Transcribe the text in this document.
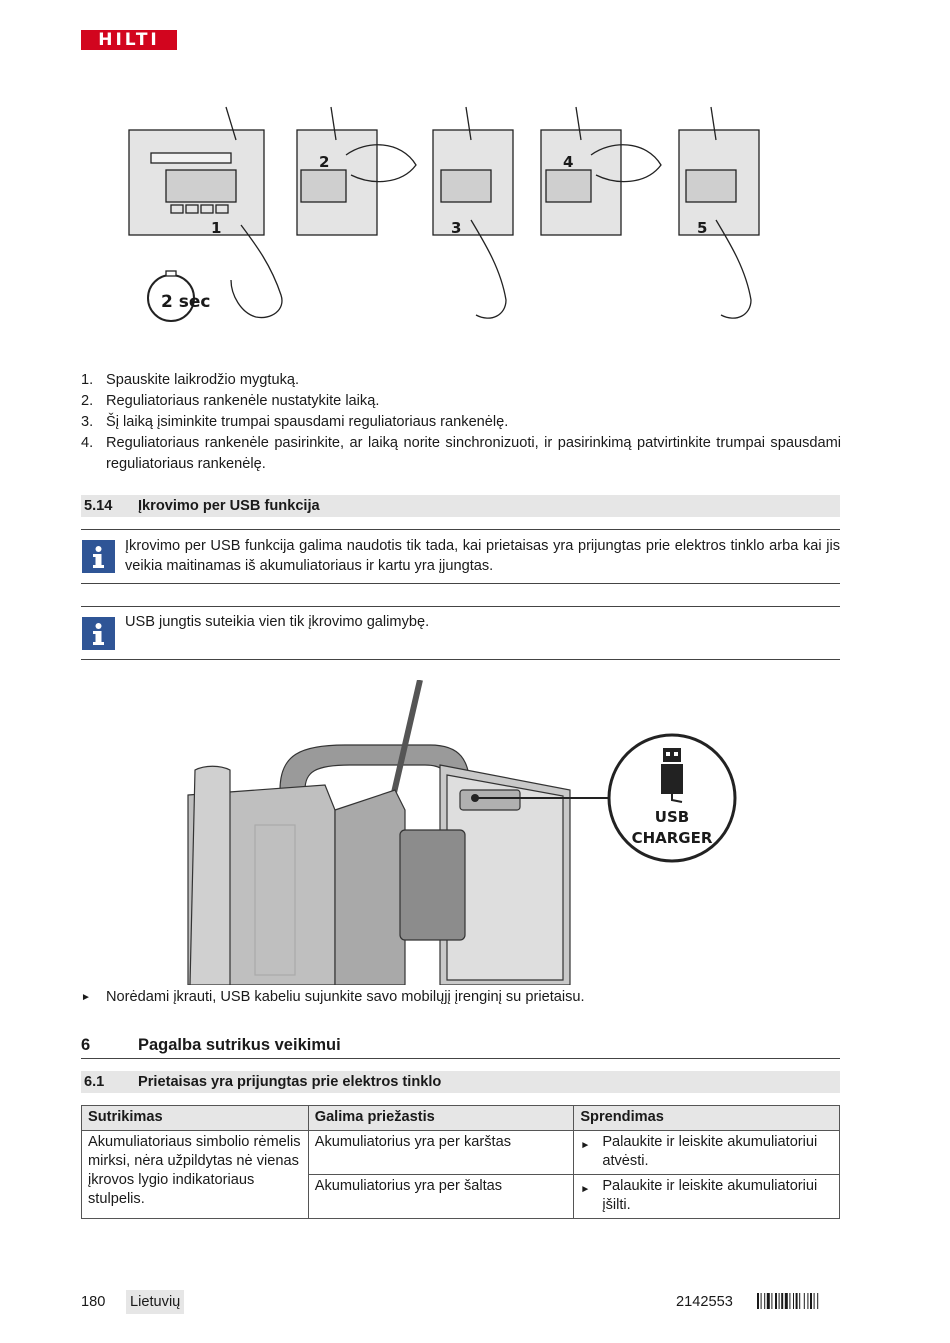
HILTI
1
2
3
4
5
2 sec
1. Spauskite laikrodžio mygtuką.
2. Reguliatoriaus rankenėle nustatykite laiką.
3. Šį laiką įsiminkite trumpai spausdami reguliatoriaus rankenėlę.
4. Reguliatoriaus rankenėle pasirinkite, ar laiką norite sinchronizuoti, ir pasirinkimą patvirtinkite trumpai spausdami reguliatoriaus rankenėlę.
5.14 Įkrovimo per USB funkcija
Įkrovimo per USB funkcija galima naudotis tik tada, kai prietaisas yra prijungtas prie elektros tinklo arba kai jis veikia maitinamas iš akumuliatoriaus ir kartu yra įjungtas.
USB jungtis suteikia vien tik įkrovimo galimybę.
USB
CHARGER
► Norėdami įkrauti, USB kabeliu sujunkite savo mobilųjį įrenginį su prietaisu.
6	Pagalba sutrikus veikimui
6.1 Prietaisas yra prijungtas prie elektros tinklo
Sutrikimas	Galima priežastis	Sprendimas
Akumuliatoriaus simbolio rėmelis mirksi, nėra užpildytas nė vienas įkrovos lygio indikatoriaus stulpelis.	Akumuliatorius yra per karštas	► Palaukite ir leiskite akumuliatoriui atvėsti.

	Akumuliatorius yra per šaltas	► Palaukite ir leiskite akumuliatoriui įšilti.
180 Lietuvių	2142553
